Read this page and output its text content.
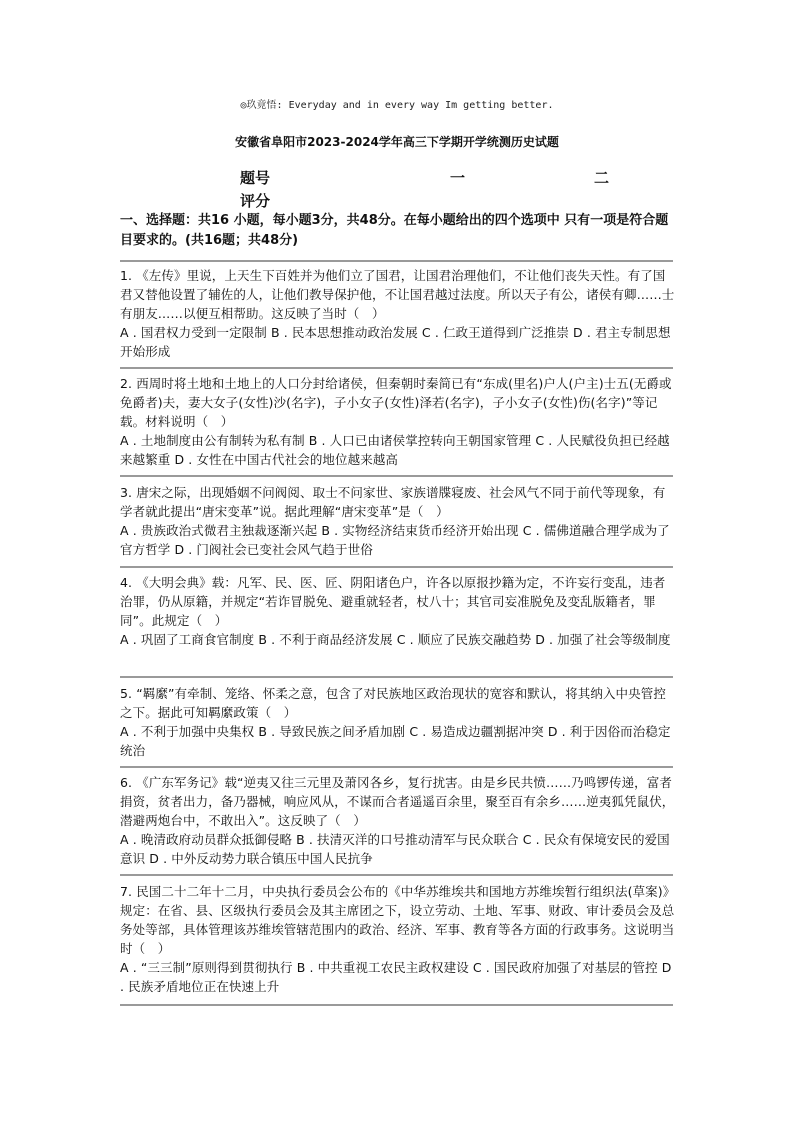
◎玖竟悟: Everyday and in every way Im getting better.
安徽省阜阳市2023-2024学年高三下学期开学统测历史试题
题号	一	二
评分
一、选择题：共16 小题，每小题3分，共48分。在每小题给出的四个选项中 只有一项是符合题目要求的。(共16题；共48分)

1. 《左传》里说，上天生下百姓并为他们立了国君，让国君治理他们，不让他们丧失天性。有了国君又替他设置了辅佐的人，让他们教导保护他，不让国君越过法度。所以天子有公，诸侯有卿……士有朋友……以便互相帮助。这反映了当时（　）

A . 国君权力受到一定限制 B . 民本思想推动政治发展 C . 仁政王道得到广泛推崇 D . 君主专制思想开始形成

2. 西周时将土地和土地上的人口分封给诸侯，但秦朝时秦简已有“东成(里名)户人(户主)士五(无爵或免爵者)夫，妻大女子(女性)沙(名字)，子小女子(女性)泽若(名字)，子小女子(女性)伤(名字)”等记载。材料说明（　）

A . 土地制度由公有制转为私有制 B . 人口已由诸侯掌控转向王朝国家管理 C . 人民赋役负担已经越来越繁重 D . 女性在中国古代社会的地位越来越高

3. 唐宋之际，出现婚姻不问阀阅、取士不问家世、家族谱牒寝废、社会风气不同于前代等现象，有学者就此提出“唐宋变革”说。据此理解“唐宋变革”是（　）

A . 贵族政治式微君主独裁逐渐兴起 B . 实物经济结束货币经济开始出现 C . 儒佛道融合理学成为了官方哲学 D . 门阀社会已变社会风气趋于世俗

4. 《大明会典》载：凡军、民、医、匠、阴阳诸色户，许各以原报抄籍为定，不许妄行变乱，违者治罪，仍从原籍，并规定“若诈冒脱免、避重就轻者，杖八十；其官司妄准脱免及变乱版籍者，罪同”。此规定（　）

A . 巩固了工商食官制度 B . 不利于商品经济发展 C . 顺应了民族交融趋势 D . 加强了社会等级制度

5. “羁縻”有牵制、笼络、怀柔之意，包含了对民族地区政治现状的宽容和默认，将其纳入中央管控之下。据此可知羁縻政策（　）

A . 不利于加强中央集权 B . 导致民族之间矛盾加剧 C . 易造成边疆割据冲突 D . 利于因俗而治稳定统治

6. 《广东军务记》载“逆夷又往三元里及萧冈各乡，复行扰害。由是乡民共愤……乃鸣锣传递，富者捐资，贫者出力，备乃器械，响应风从，不谋而合者遥遥百余里，聚至百有余乡……逆夷狐凭鼠伏，潜避两炮台中，不敢出入”。这反映了（　）

A . 晚清政府动员群众抵御侵略 B . 扶清灭洋的口号推动清军与民众联合 C . 民众有保境安民的爱国意识 D . 中外反动势力联合镇压中国人民抗争

7. 民国二十二年十二月，中央执行委员会公布的《中华苏维埃共和国地方苏维埃暂行组织法(草案)》规定：在省、县、区级执行委员会及其主席团之下，设立劳动、土地、军事、财政、审计委员会及总务处等部，具体管理该苏维埃管辖范围内的政治、经济、军事、教育等各方面的行政事务。这说明当时（　）

A . “三三制”原则得到贯彻执行 B . 中共重视工农民主政权建设 C . 国民政府加强了对基层的管控 D . 民族矛盾地位正在快速上升
